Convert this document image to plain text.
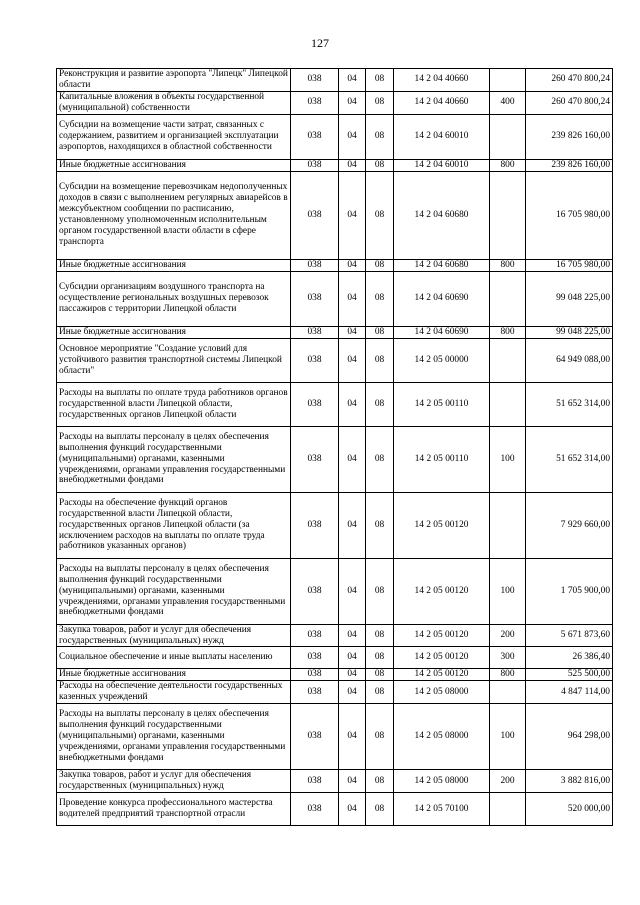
127
Реконструкция и развитие аэропорта "Липецк" Липецкой области	038	04	08	14 2 04 40660		260 470 800,24
Капитальные вложения в объекты государственной (муниципальной) собственности	038	04	08	14 2 04 40660	400	260 470 800,24
Субсидии на возмещение части затрат, связанных с содержанием, развитием и организацией эксплуатации аэропортов, находящихся в областной собственности	038	04	08	14 2 04 60010		239 826 160,00
Иные бюджетные ассигнования	038	04	08	14 2 04 60010	800	239 826 160,00
Субсидии на возмещение перевозчикам недополученных доходов в связи с выполнением регулярных авиарейсов в межсубъектном сообщении по расписанию, установленному уполномоченным исполнительным органом государственной власти области в сфере транспорта	038	04	08	14 2 04 60680		16 705 980,00
Иные бюджетные ассигнования	038	04	08	14 2 04 60680	800	16 705 980,00
Субсидии организациям воздушного транспорта на осуществление региональных воздушных перевозок пассажиров с территории Липецкой области	038	04	08	14 2 04 60690		99 048 225,00
Иные бюджетные ассигнования	038	04	08	14 2 04 60690	800	99 048 225,00
Основное мероприятие "Создание условий для устойчивого развития транспортной системы Липецкой области"	038	04	08	14 2 05 00000		64 949 088,00
Расходы на выплаты по оплате труда работников органов государственной власти Липецкой области, государственных органов Липецкой области	038	04	08	14 2 05 00110		51 652 314,00
Расходы на выплаты персоналу в целях обеспечения выполнения функций государственными (муниципальными) органами, казенными учреждениями, органами управления государственными внебюджетными фондами	038	04	08	14 2 05 00110	100	51 652 314,00
Расходы на обеспечение функций органов государственной власти Липецкой области, государственных органов Липецкой области (за исключением расходов на выплаты по оплате труда работников указанных органов)	038	04	08	14 2 05 00120		7 929 660,00
Расходы на выплаты персоналу в целях обеспечения выполнения функций государственными (муниципальными) органами, казенными учреждениями, органами управления государственными внебюджетными фондами	038	04	08	14 2 05 00120	100	1 705 900,00
Закупка товаров, работ и услуг для обеспечения государственных (муниципальных) нужд	038	04	08	14 2 05 00120	200	5 671 873,60
Социальное обеспечение и иные выплаты населению	038	04	08	14 2 05 00120	300	26 386,40
Иные бюджетные ассигнования	038	04	08	14 2 05 00120	800	525 500,00
Расходы на обеспечение деятельности государственных казенных учреждений	038	04	08	14 2 05 08000		4 847 114,00
Расходы на выплаты персоналу в целях обеспечения выполнения функций государственными (муниципальными) органами, казенными учреждениями, органами управления государственными внебюджетными фондами	038	04	08	14 2 05 08000	100	964 298,00
Закупка товаров, работ и услуг для обеспечения государственных (муниципальных) нужд	038	04	08	14 2 05 08000	200	3 882 816,00
Проведение конкурса профессионального мастерства водителей предприятий транспортной отрасли	038	04	08	14 2 05 70100		520 000,00
